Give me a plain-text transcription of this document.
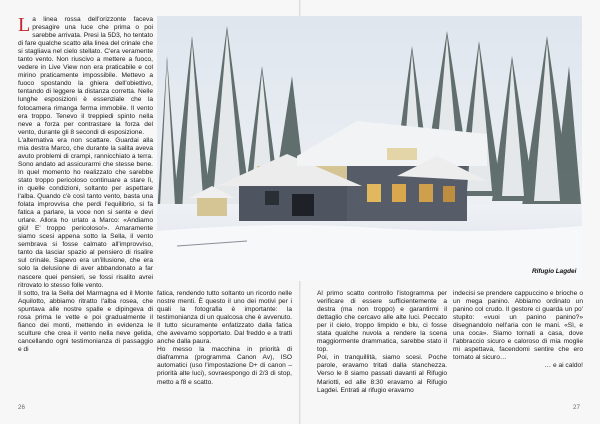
La linea rossa dell'orizzonte faceva presagire una luce che prima o poi sarebbe arrivata. Presi la 5D3, ho tentato di fare qualche scatto alla linea del crinale che si stagliava nel cielo stellato. C'era veramente tanto vento. Non riuscivo a mettere a fuoco, vedere in Live View non era praticabile e col mirino praticamente impossibile. Mettevo a fuoco spostando la ghiera dell'obiettivo, tentando di leggere la distanza corretta. Nelle lunghe esposizioni è essenziale che la fotocamera rimanga ferma immobile. Il vento era troppo. Tenevo il treppiedi spinto nella neve a forza per contrastare la forza del vento, durante gli 8 secondi di esposizione.

L'alternativa era non scattare. Guardai alla mia destra Marco, che durante la salita aveva avuto problemi di crampi, rannicchiato a terra. Sono andato ad assicurarmi che stesse bene. In quel momento ho realizzato che sarebbe stato troppo pericoloso continuare a stare lì, in quelle condizioni, soltanto per aspettare l'alba. Quando c'è così tanto vento, basta una folata improvvisa che perdi l'equilibrio, si fa fatica a parlare, la voce non si sente e devi urlare. Allora ho urlato a Marco: «Andiamo giù! E' troppo pericoloso!». Amaramente siamo scesi appena sotto la Sella, il vento sembrava si fosse calmato all'improvviso, tanto da lasciar spazio al pensiero di risalire sul crinale. Sapevo era un'illusione, che era solo la delusione di aver abbandonato a far nascere quei pensieri, se fossi risalito avrei ritrovato lo stesso folle vento.

Il sotto, tra la Sella del Marmagna ed il Monte Aquilotto, abbiamo ritratto l'alba rosea, che spuntava alle nostre spalle e dipingeva di rosa prima le vette e poi gradualmente il fianco dei monti, mettendo in evidenza le sculture che crea il vento nella neve gelida, cancellando ogni testimonianza di passaggio e di

Rifugio Lagdei

fatica, rendendo tutto soltanto un ricordo nelle nostre menti. È questo il uno dei motivi per i quali la fotografia è importante: la testimonianza di un qualcosa che è avvenuto. Il tutto sicuramente enfatizzato dalla fatica che avevamo sopportato. Dal freddo e a tratti anche dalla paura.

Ho messo la macchina in priorità di diaframma (programma Canon Av), ISO automatici (uso l'impostazione D+ di canon – priorità alte luci), sovraespongo di 2/3 di stop, metto a f8 e scatto.

Al primo scatto controllo l'istogramma per verificare di essere sufficientemente a destra (ma non troppo) e garantirmi il dettaglio che cercavo alle alte luci. Peccato per il cielo, troppo limpido e blu, ci fosse stata qualche nuvola a rendere la scena maggiormente drammatica, sarebbe stato il top.

Poi, in tranquillità, siamo scesi. Poche parole, eravamo tritati dalla stanchezza. Verso le 8 siamo passati davanti al Rifugio Mariotti, ed alle 8:30 eravamo al Rifugio Lagdei. Entrati al rifugio eravamo

indecisi se prendere cappuccino e brioche o un mega panino. Abbiamo ordinato un panino col crudo. Il gestore ci guarda un po' stupito: «vuoi un panino panino?» disegnandolo nell'aria con le mani. «Sì, e una coca». Siamo tornati a casa, dove l'abbraccio sicuro e caloroso di mia moglie mi aspettava, facendomi sentire che ero tornato al sicuro…

… e ai caldo!

26	27
